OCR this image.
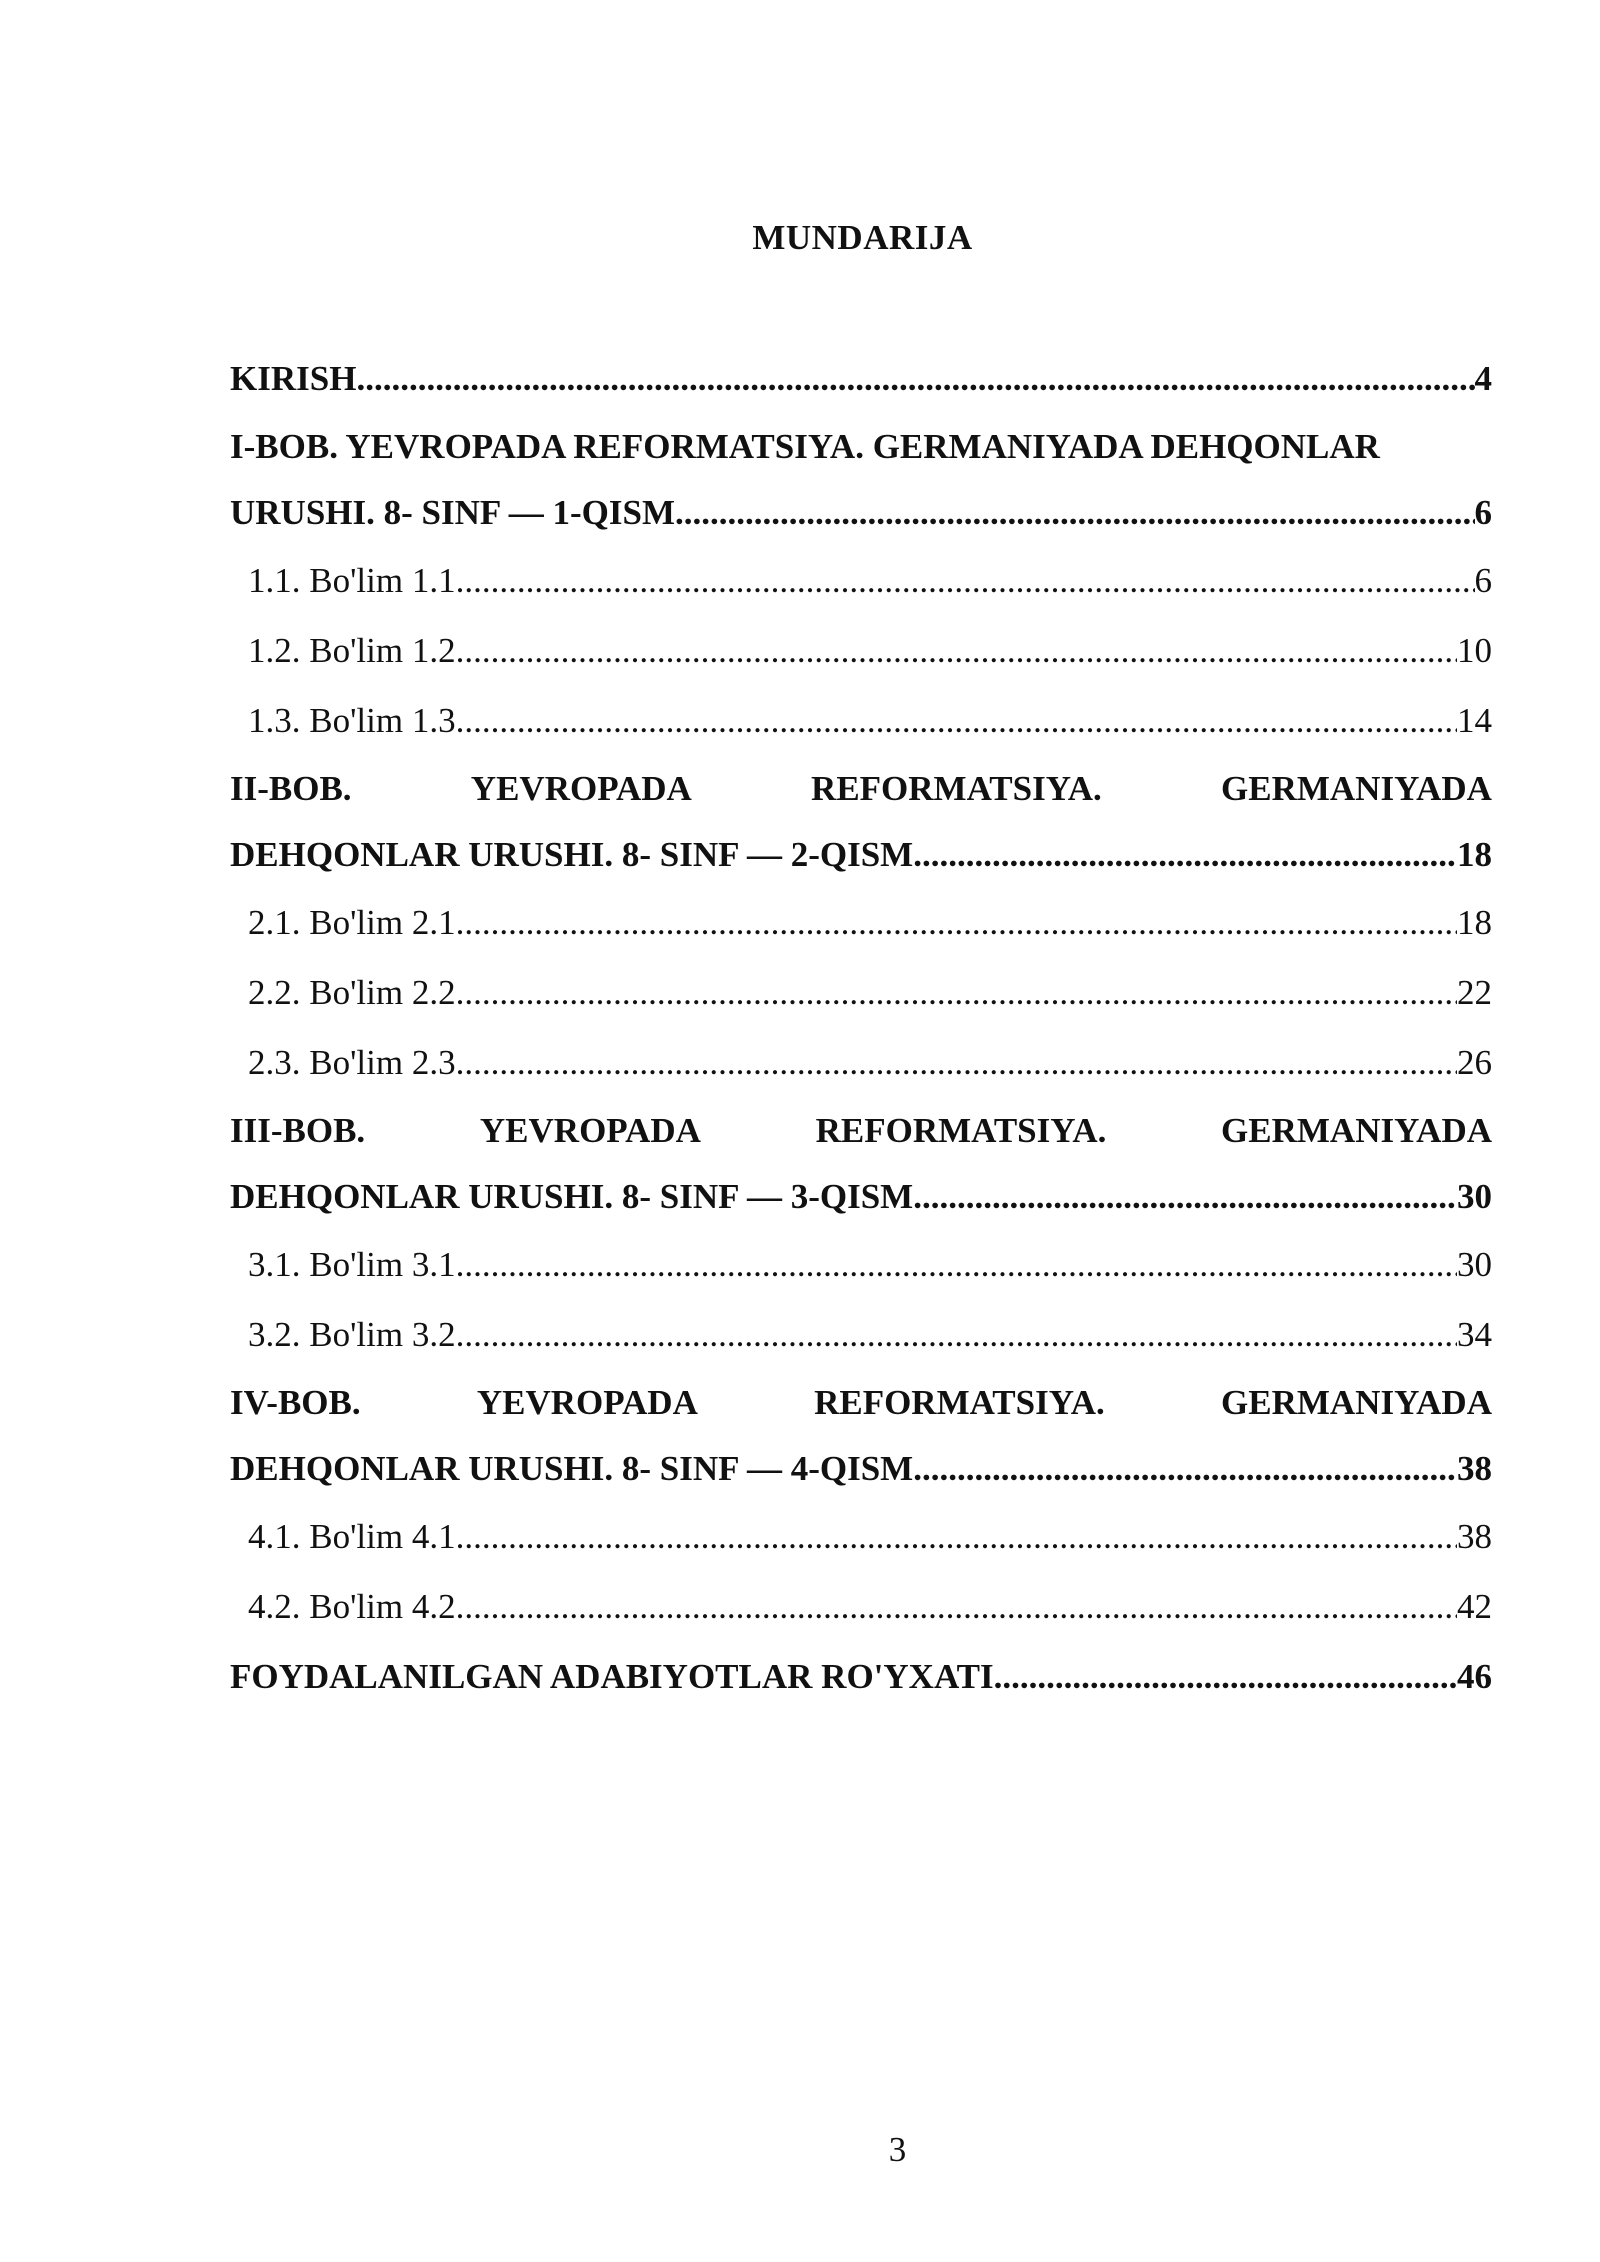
MUNDARIJA
KIRISH .....	4
I-BOB. YEVROPADA REFORMATSIYA. GERMANIYADA DEHQONLAR
URUSHI. 8- SINF — 1-QISM .....	6
1.1. Bo'lim 1.1 .....	6
1.2. Bo'lim 1.2 .....	10
1.3. Bo'lim 1.3 .....	14
II-BOB.	YEVROPADA	REFORMATSIYA.	GERMANIYADA
DEHQONLAR URUSHI. 8- SINF — 2-QISM .....	18
2.1. Bo'lim 2.1 .....	18
2.2. Bo'lim 2.2 .....	22
2.3. Bo'lim 2.3 .....	26
III-BOB.	YEVROPADA	REFORMATSIYA.	GERMANIYADA
DEHQONLAR URUSHI. 8- SINF — 3-QISM .....	30
3.1. Bo'lim 3.1 .....	30
3.2. Bo'lim 3.2 .....	34
IV-BOB.	YEVROPADA	REFORMATSIYA.	GERMANIYADA
DEHQONLAR URUSHI. 8- SINF — 4-QISM .....	38
4.1. Bo'lim 4.1 .....	38
4.2. Bo'lim 4.2 .....	42
FOYDALANILGAN ADABIYOTLAR RO'YXATI .....	46
3
